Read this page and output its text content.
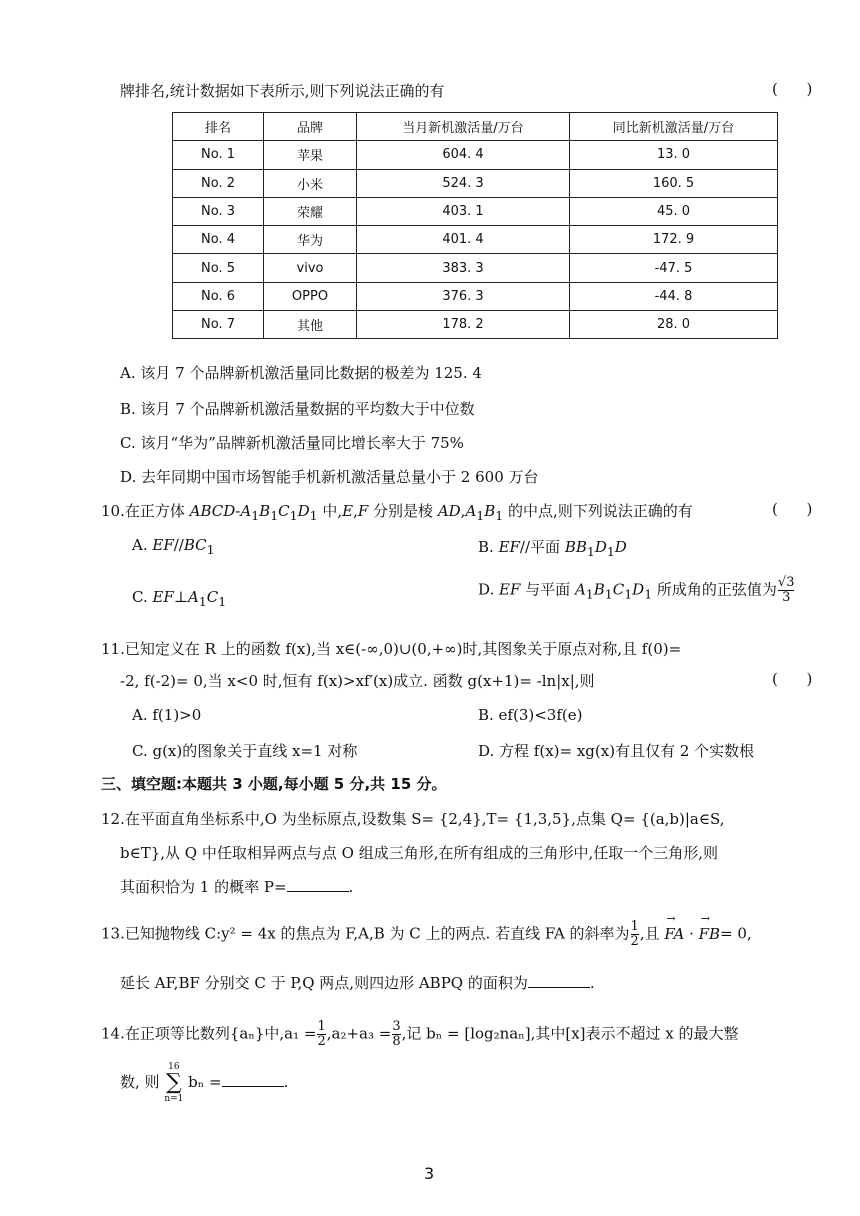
牌排名,统计数据如下表所示,则下列说法正确的有	(      )
排名	品牌	当月新机激活量/万台	同比新机激活量/万台
No. 1	苹果	604. 4	13. 0
No. 2	小米	524. 3	160. 5
No. 3	荣耀	403. 1	45. 0
No. 4	华为	401. 4	172. 9
No. 5	vivo	383. 3	-47. 5
No. 6	OPPO	376. 3	-44. 8
No. 7	其他	178. 2	28. 0
A. 该月 7 个品牌新机激活量同比数据的极差为 125. 4
B. 该月 7 个品牌新机激活量数据的平均数大于中位数
C. 该月“华为”品牌新机激活量同比增长率大于 75%
D. 去年同期中国市场智能手机新机激活量总量小于 2 600 万台
10.在正方体 ABCD-$A_1B_1C_1D_1$ 中,E,F 分别是棱 $AD,A_1B_1$ 的中点,则下列说法正确的有	(      )
A. $EF//BC_1$	B. EF//平面 $BB_1D_1D$
C. $EF\perp A_1C_1$
D. EF 与平面 $A_1B_1C_1D_1$ 所成角的正弦值为 $\frac{√3}{3}$
11.已知定义在 R 上的函数 f(x),当 x∈(-∞,0)∪(0,+∞)时,其图象关于原点对称,且 f(0)=
-2, f(-2)= 0,当 x<0 时,恒有 f(x)>xf′(x)成立. 函数 g(x+1)= -ln|x|,则	(      )
A. f(1)>0	B. ef(3)<3f(e)
C. g(x)的图象关于直线 x=1 对称	D. 方程 f(x)= xg(x)有且仅有 2 个实数根
三、填空题:本题共 3 小题,每小题 5 分,共 15 分。
12.在平面直角坐标系中,O 为坐标原点,设数集 S= {2,4},T= {1,3,5},点集 Q= {(a,b)|a∈S,
b∈T},从 Q 中任取相异两点与点 O 组成三角形,在所有组成的三角形中,任取一个三角形,则
其面积恰为 1 的概率 P=	.
13.已知抛物线 C:y² = 4x 的焦点为 F,A,B 为 C 上的两点. 若直线 FA 的斜率为 $\frac{1}{2}$ ,且 → FA · → FB= 0,
延长 AF,BF 分别交 C 于 P,Q 两点,则四边形 ABPQ 的面积为	.
14.在正项等比数列{aₙ}中$,a_1 = \frac{1}{2} ,a_2+a_3 = \frac{3}{8}$ ,记 bₙ = [log₂naₙ],其中[x]表示不超过 x 的最大整
数, 则 16
∑
n=1 bₙ =	.
3
